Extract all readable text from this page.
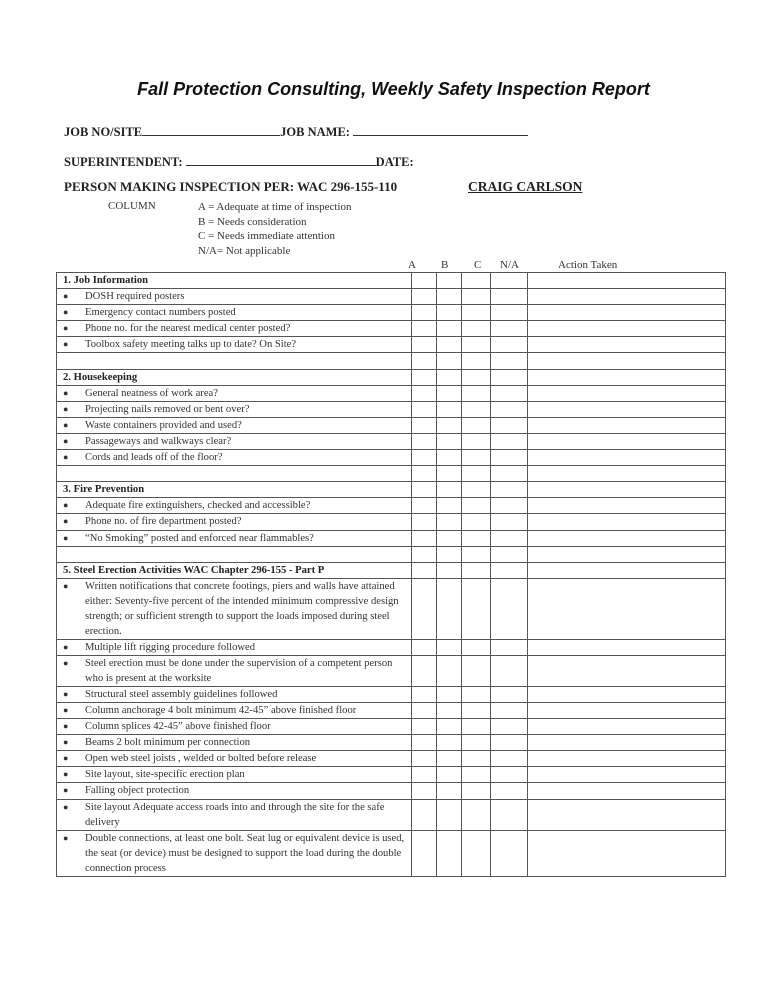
Fall Protection Consulting, Weekly Safety Inspection Report
JOB NO/SITE	JOB NAME:
SUPERINTENDENT:	DATE:
PERSON MAKING INSPECTION PER: WAC 296-155-110	CRAIG CARLSON
COLUMN	A = Adequate at time of inspection
B = Needs consideration
C = Needs immediate attention
N/A= Not applicable
A B C N/A	Action Taken
1. Job Information					
● DOSH required posters					
● Emergency contact numbers posted					
● Phone no. for the nearest medical center posted?					
● Toolbox safety meeting talks up to date? On Site?					

2. Housekeeping					
● General neatness of work area?					
● Projecting nails removed or bent over?					
● Waste containers provided and used?					
● Passageways and walkways clear?					
● Cords and leads off of the floor?					

3. Fire Prevention					
● Adequate fire extinguishers, checked and accessible?					
● Phone no. of fire department posted?					
● “No Smoking” posted and enforced near flammables?					

5. Steel Erection Activities WAC Chapter 296-155 - Part P					
● Written notifications that concrete footings, piers and walls have attained either: Seventy-five percent of the intended minimum compressive design strength; or sufficient strength to support the loads imposed during steel erection.					
● Multiple lift rigging procedure followed					
● Steel erection must be done under the supervision of a competent person who is present at the worksite					
● Structural steel assembly guidelines followed					
● Column anchorage 4 bolt minimum 42-45” above finished floor					
● Column splices 42-45” above finished floor					
● Beams 2 bolt minimum per connection					
● Open web steel joists , welded or bolted before release					
● Site layout, site-specific erection plan					
● Falling object protection					
● Site layout Adequate access roads into and through the site for the safe delivery					
● Double connections, at least one bolt. Seat lug or equivalent device is used, the seat (or device) must be designed to support the load during the double connection process					
